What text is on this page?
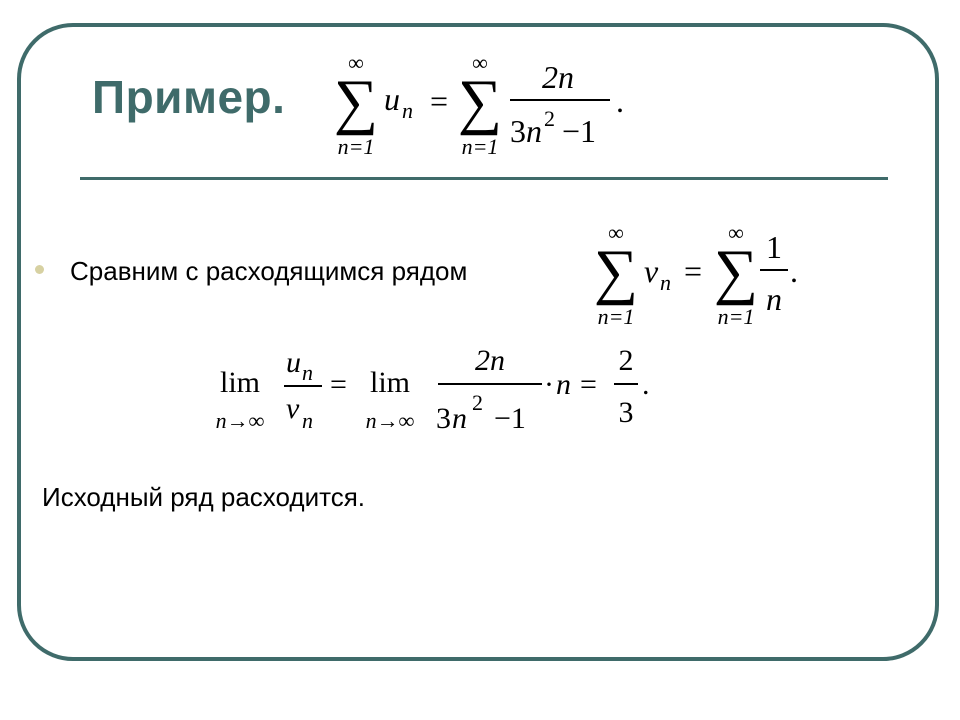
Пример.
∞
∑
n=1
u n =
∞
∑
n=1
2n
3 n 2 −1
.
Сравним с расходящимся рядом
∞
∑
n=1
v n =
∞
∑
n=1
1
n
.
lim
n→∞
u n
v n
= lim
n→∞
2n
3 n 2 −1
· n =
2
3
.
Исходный ряд расходится.
